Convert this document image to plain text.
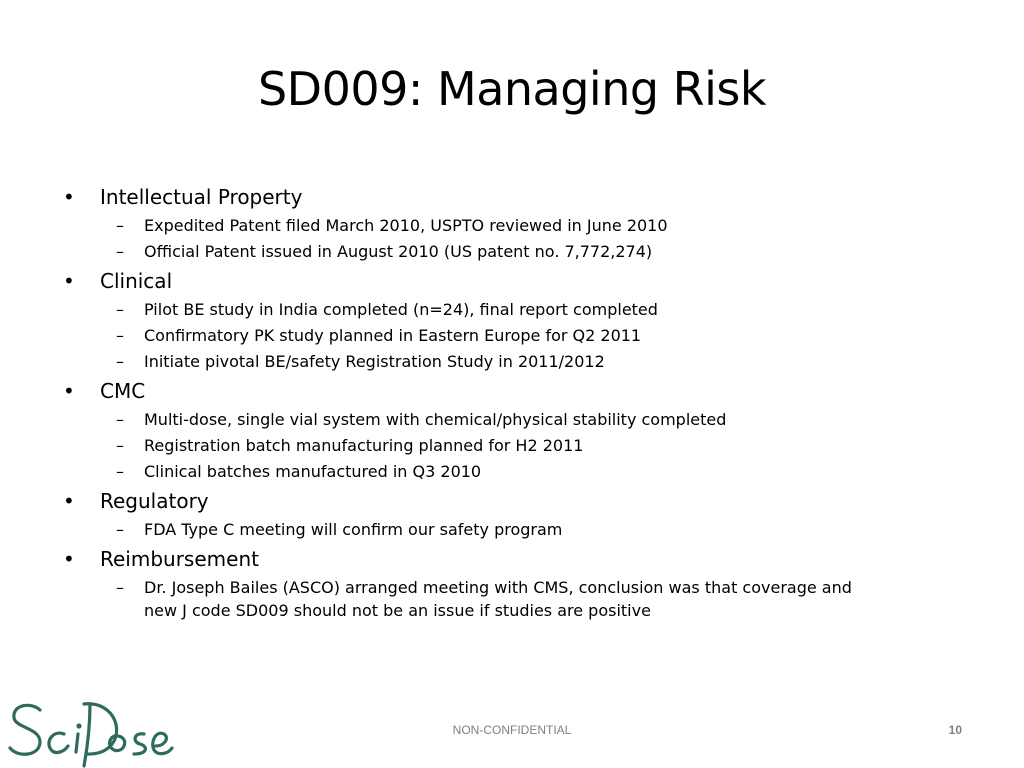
SD009: Managing Risk
•	Intellectual Property
–	Expedited Patent filed March 2010, USPTO reviewed in June 2010
–	Official Patent issued in August 2010 (US patent no. 7,772,274)
•	Clinical
–	Pilot BE study in India completed (n=24), final report completed
–	Confirmatory PK study planned in Eastern Europe for Q2 2011
–	Initiate pivotal BE/safety Registration Study in 2011/2012
•	CMC
–	Multi-dose, single vial system with chemical/physical stability completed
–	Registration batch manufacturing planned for H2 2011
–	Clinical batches manufactured in Q3 2010
•	Regulatory
–	FDA Type C meeting will confirm our safety program
•	Reimbursement
–	Dr. Joseph Bailes (ASCO) arranged meeting with CMS, conclusion was that coverage and new J code SD009 should not be an issue if studies are positive
NON-CONFIDENTIAL	10
